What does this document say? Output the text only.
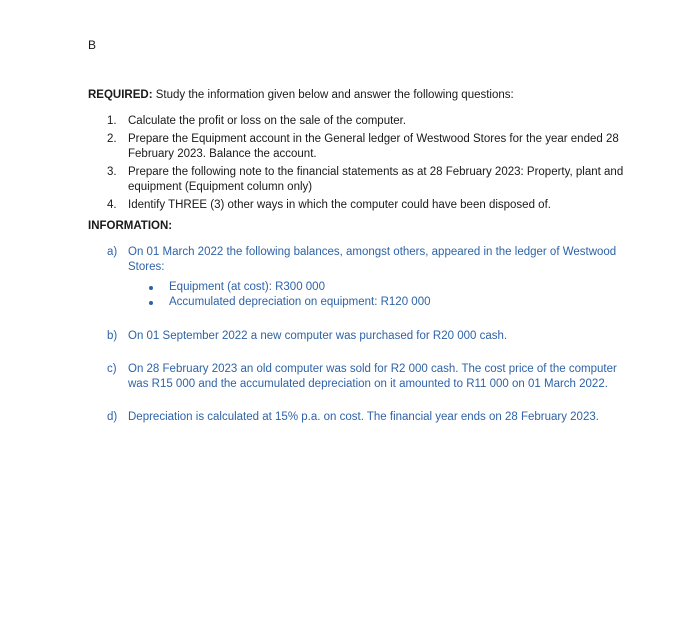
B
REQUIRED: Study the information given below and answer the following questions:
1. Calculate the profit or loss on the sale of the computer.
2. Prepare the Equipment account in the General ledger of Westwood Stores for the year ended 28 February 2023. Balance the account.
3. Prepare the following note to the financial statements as at 28 February 2023: Property, plant and equipment (Equipment column only)
4. Identify THREE (3) other ways in which the computer could have been disposed of.
INFORMATION:
a) On 01 March 2022 the following balances, amongst others, appeared in the ledger of Westwood Stores:
Equipment (at cost): R300 000
Accumulated depreciation on equipment: R120 000
b) On 01 September 2022 a new computer was purchased for R20 000 cash.
c) On 28 February 2023 an old computer was sold for R2 000 cash. The cost price of the computer was R15 000 and the accumulated depreciation on it amounted to R11 000 on 01 March 2022.
d) Depreciation is calculated at 15% p.a. on cost. The financial year ends on 28 February 2023.
